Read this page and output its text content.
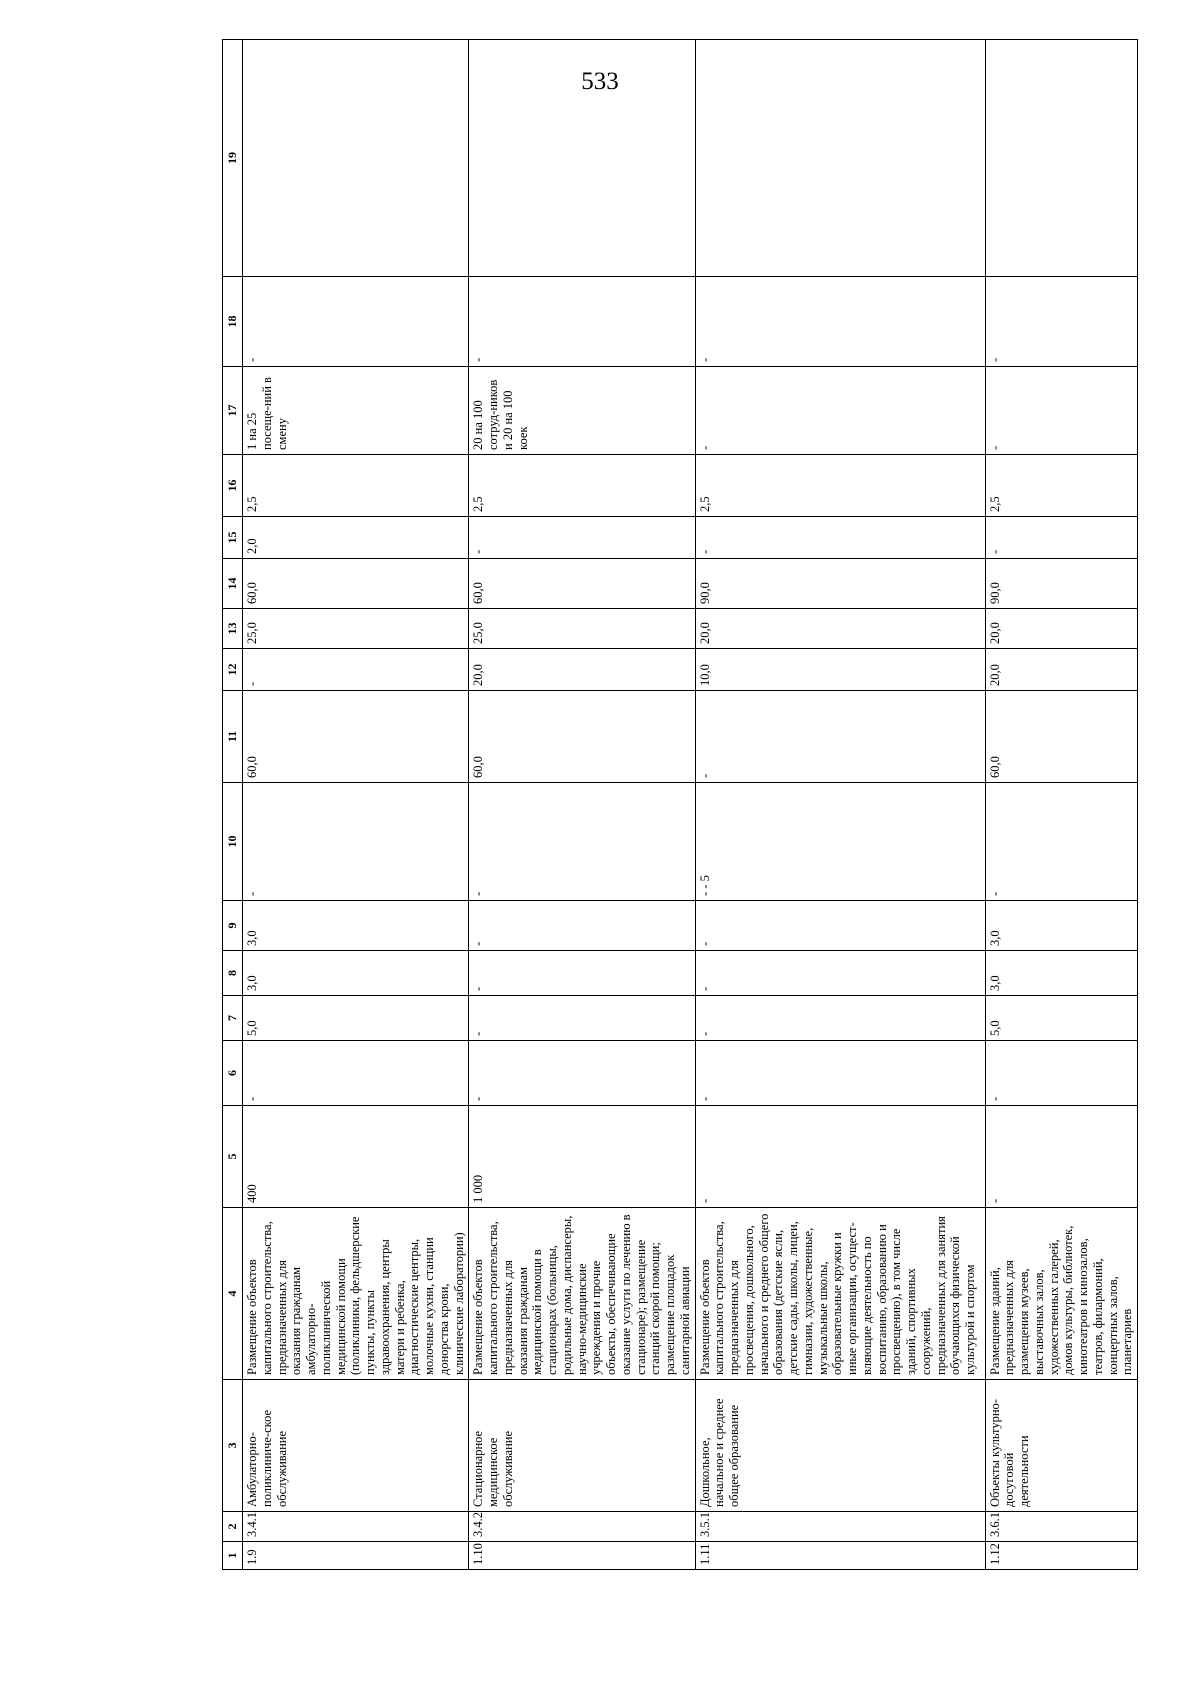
533
1	2	3	4	5	6	7	8	9	10	11	12	13	14	15	16	17	18	19
1.9	3.4.1	Амбулаторно-поликлиниче-ское обслуживание	Размещение объектов капитального строительства, предназначенных для оказания гражданам амбулаторно-поликлинической медицинской помощи (поликлиники, фельдшерские пункты, пункты здравоохранения, центры матери и ребенка, диагностические центры, молочные кухни, станции донорства крови, клинические лаборатории)	400	-	5,0	3,0	3,0	-	60,0	-	25,0	60,0	2,0	2,5	1 на 25 посеще-ний в смену	-	
1.10	3.4.2	Стационарное медицинское обслуживание	Размещение объектов капитального строительства, предназначенных для оказания гражданам медицинской помощи в стационарах (больницы, родильные дома, диспансеры, научно-медицинские учреждения и прочие объекты, обеспечивающие оказание услуги по лечению в стационаре); размещение станций скорой помощи; размещение площадок санитарной авиации	1 000	-	-	-	-	-	60,0	20,0	25,0	60,0	-	2,5	20 на 100 сотруд-ников и 20 на 100 коек	-	
1.11	3.5.1	Дошкольное, начальное и среднее общее образование	Размещение объектов капитального строительства, предназначенных для просвещения, дошкольного, начального и среднего общего образования (детские ясли, детские сады, школы, лицеи, гимназии, художественные, музыкальные школы, образовательные кружки и иные организации, осущест-вляющие деятельность по воспитанию, образованию и просвещению), в том числе зданий, спортивных сооружений, предназначенных для занятия обучающихся физической культурой и спортом	-	-	-	-	-	- - 5	-	10,0	20,0	90,0	-	2,5	-	-	
1.12	3.6.1	Объекты культурно-досуговой деятельности	Размещение зданий, предназначенных для размещения музеев, выставочных залов, художественных галерей, домов культуры, библиотек, кинотеатров и кинозалов, театров, филармоний, концертных залов, планетариев	-	-	5,0	3,0	3,0	-	60,0	20,0	20,0	90,0	-	2,5	-	-	
